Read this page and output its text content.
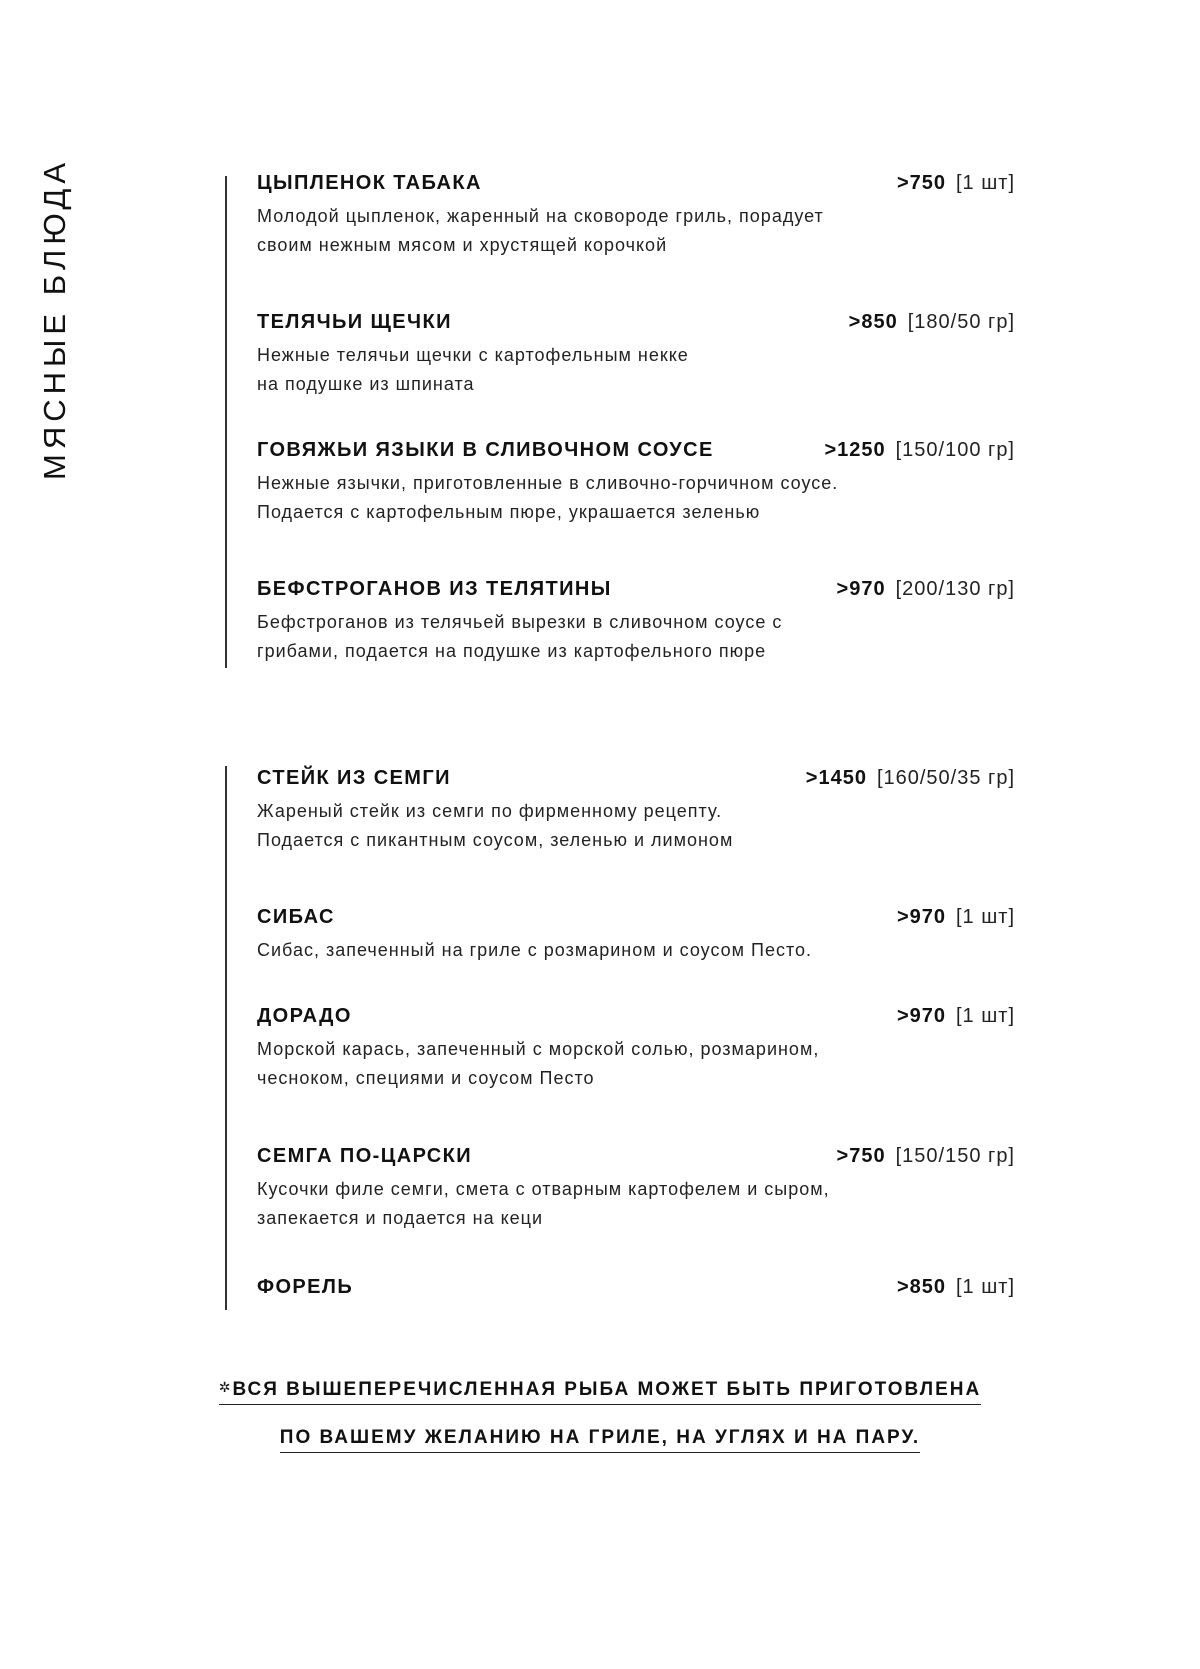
МЯСНЫЕ БЛЮДА	ЦЫПЛЕНОК ТАБАКА	>750 [1 шт]
Молодой цыпленок, жаренный на сковороде гриль, порадует
своим нежным мясом и хрустящей корочкой
ТЕЛЯЧЬИ ЩЕЧКИ	>850 [180/50 гр]
Нежные телячьи щечки с картофельным некке
на подушке из шпината
ГОВЯЖЬИ ЯЗЫКИ В СЛИВОЧНОМ СОУСЕ	>1250 [150/100 гр]
Нежные язычки, приготовленные в сливочно-горчичном соусе.
Подается с картофельным пюре, украшается зеленью
БЕФСТРОГАНОВ ИЗ ТЕЛЯТИНЫ	>970 [200/130 гр]
Бефстроганов из телячьей вырезки в сливочном соусе с
грибами, подается на подушке из картофельного пюре
СТЕЙК ИЗ СЕМГИ	>1450 [160/50/35 гр]
Жареный стейк из семги по фирменному рецепту.
Подается с пикантным соусом, зеленью и лимоном
СИБАС	>970 [1 шт]
Сибас, запеченный на гриле с розмарином и соусом Песто.
ДОРАДО	>970 [1 шт]
Морской карась, запеченный с морской солью, розмарином,
чесноком, специями и соусом Песто
СЕМГА ПО-ЦАРСКИ	>750 [150/150 гр]
Кусочки филе семги, смета с отварным картофелем и сыром,
запекается и подается на кеци
ФОРЕЛЬ	>850 [1 шт]
✲ВСЯ ВЫШЕПЕРЕЧИСЛЕННАЯ РЫБА МОЖЕТ БЫТЬ ПРИГОТОВЛЕНА
ПО ВАШЕМУ ЖЕЛАНИЮ НА ГРИЛЕ, НА УГЛЯХ И НА ПАРУ.
